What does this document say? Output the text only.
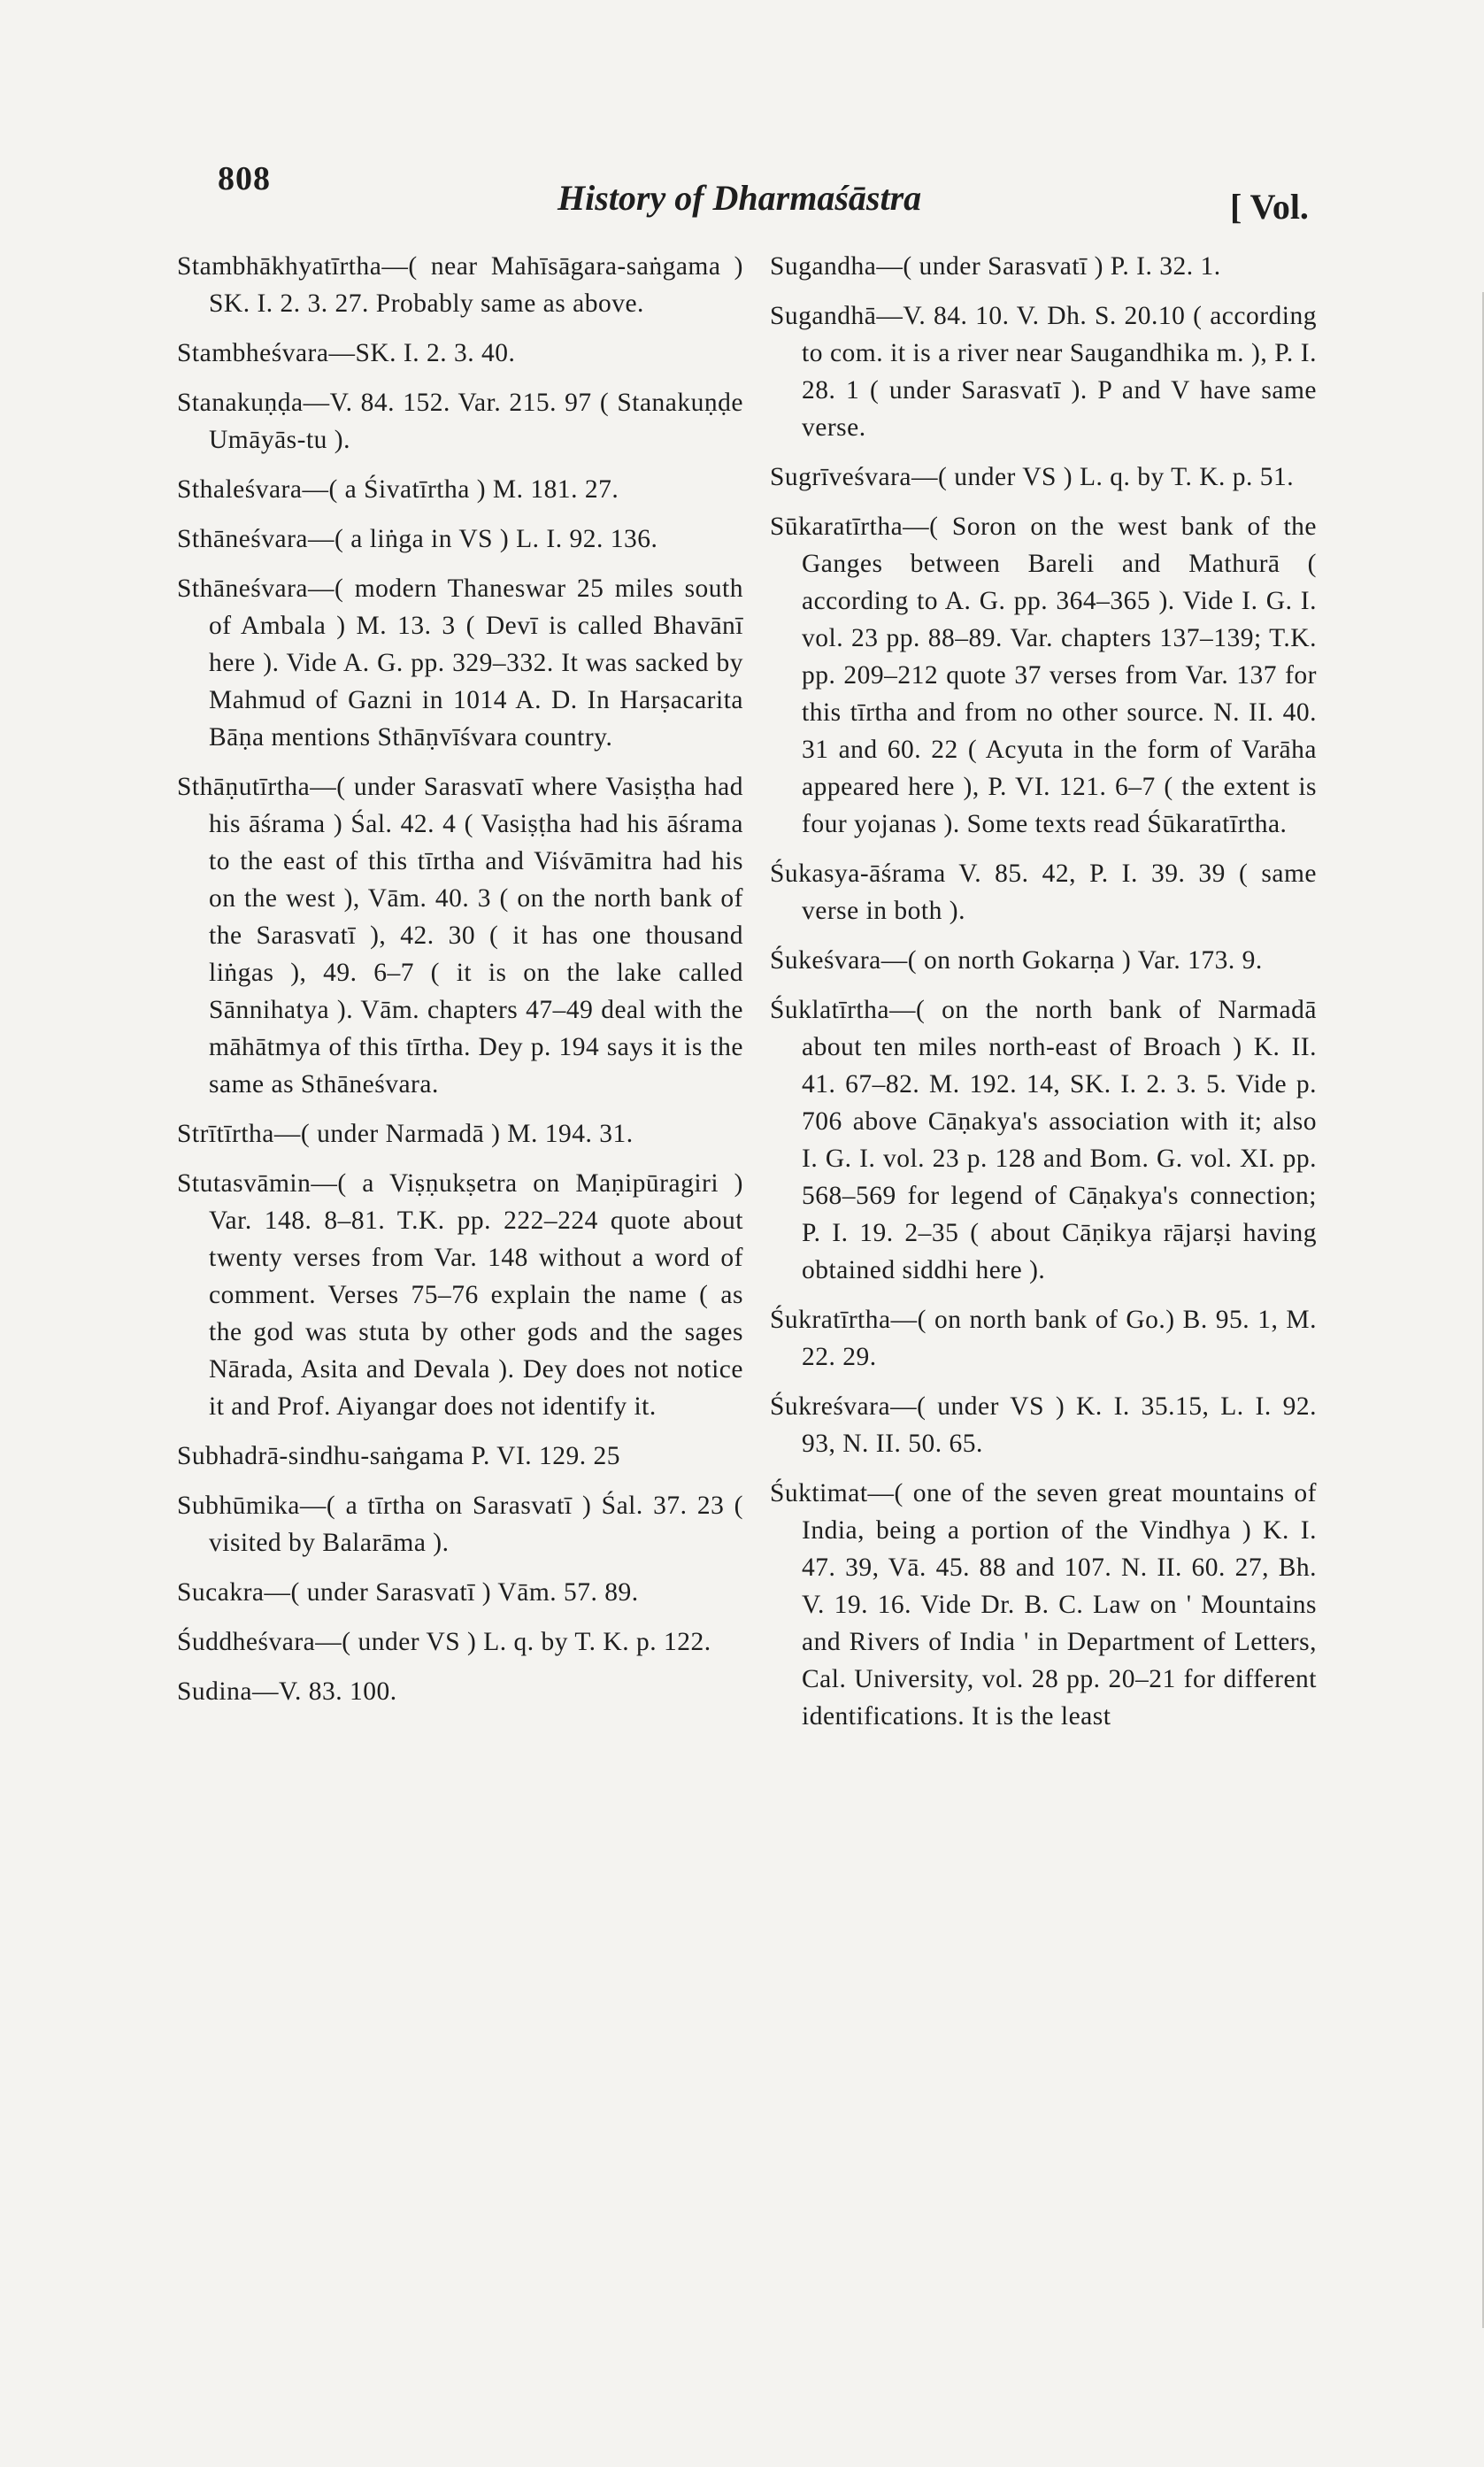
808	History of Dharmaśāstra	[ Vol.

Stambhākhyatīrtha—( near Mahīsāgara-saṅgama ) SK. I. 2. 3. 27. Probably same as above.

Stambheśvara—SK. I. 2. 3. 40.

Stanakuṇḍa—V. 84. 152. Var. 215. 97 ( Stanakuṇḍe Umāyās-tu ).

Sthaleśvara—( a Śivatīrtha ) M. 181. 27.

Sthāneśvara—( a liṅga in VS ) L. I. 92. 136.

Sthāneśvara—( modern Thaneswar 25 miles south of Ambala ) M. 13. 3 ( Devī is called Bhavānī here ). Vide A. G. pp. 329–332. It was sacked by Mahmud of Gazni in 1014 A. D. In Harṣacarita Bāṇa mentions Sthāṇvīśvara country.

Sthāṇutīrtha—( under Sarasvatī where Vasiṣṭha had his āśrama ) Śal. 42. 4 ( Vasiṣṭha had his āśrama to the east of this tīrtha and Viśvāmitra had his on the west ), Vām. 40. 3 ( on the north bank of the Sarasvatī ), 42. 30 ( it has one thousand liṅgas ), 49. 6–7 ( it is on the lake called Sānnihatya ). Vām. chapters 47–49 deal with the māhātmya of this tīrtha. Dey p. 194 says it is the same as Sthāneśvara.

Strītīrtha—( under Narmadā ) M. 194. 31.

Stutasvāmin—( a Viṣṇukṣetra on Maṇipūragiri ) Var. 148. 8–81. T.K. pp. 222–224 quote about twenty verses from Var. 148 without a word of comment. Verses 75–76 explain the name ( as the god was stuta by other gods and the sages Nārada, Asita and Devala ). Dey does not notice it and Prof. Aiyangar does not identify it.

Subhadrā-sindhu-saṅgama P. VI. 129. 25

Subhūmika—( a tīrtha on Sarasvatī ) Śal. 37. 23 ( visited by Balarāma ).

Sucakra—( under Sarasvatī ) Vām. 57. 89.

Śuddheśvara—( under VS ) L. q. by T. K. p. 122.

Sudina—V. 83. 100.

Sugandha—( under Sarasvatī ) P. I. 32. 1.

Sugandhā—V. 84. 10. V. Dh. S. 20.10 ( according to com. it is a river near Saugandhika m. ), P. I. 28. 1 ( under Sarasvatī ). P and V have same verse.

Sugrīveśvara—( under VS ) L. q. by T. K. p. 51.

Sūkaratīrtha—( Soron on the west bank of the Ganges between Bareli and Mathurā ( according to A. G. pp. 364–365 ). Vide I. G. I. vol. 23 pp. 88–89. Var. chapters 137–139; T.K. pp. 209–212 quote 37 verses from Var. 137 for this tīrtha and from no other source. N. II. 40. 31 and 60. 22 ( Acyuta in the form of Varāha appeared here ), P. VI. 121. 6–7 ( the extent is four yojanas ). Some texts read Śūkaratīrtha.

Śukasya-āśrama V. 85. 42, P. I. 39. 39 ( same verse in both ).

Śukeśvara—( on north Gokarṇa ) Var. 173. 9.

Śuklatīrtha—( on the north bank of Narmadā about ten miles north-east of Broach ) K. II. 41. 67–82. M. 192. 14, SK. I. 2. 3. 5. Vide p. 706 above Cāṇakya's association with it; also I. G. I. vol. 23 p. 128 and Bom. G. vol. XI. pp. 568–569 for legend of Cāṇakya's connection; P. I. 19. 2–35 ( about Cāṇikya rājarṣi having obtained siddhi here ).

Śukratīrtha—( on north bank of Go.) B. 95. 1, M. 22. 29.

Śukreśvara—( under VS ) K. I. 35.15, L. I. 92. 93, N. II. 50. 65.

Śuktimat—( one of the seven great mountains of India, being a portion of the Vindhya ) K. I. 47. 39, Vā. 45. 88 and 107. N. II. 60. 27, Bh. V. 19. 16. Vide Dr. B. C. Law on ' Mountains and Rivers of India ' in Department of Letters, Cal. University, vol. 28 pp. 20–21 for different identifications. It is the least
